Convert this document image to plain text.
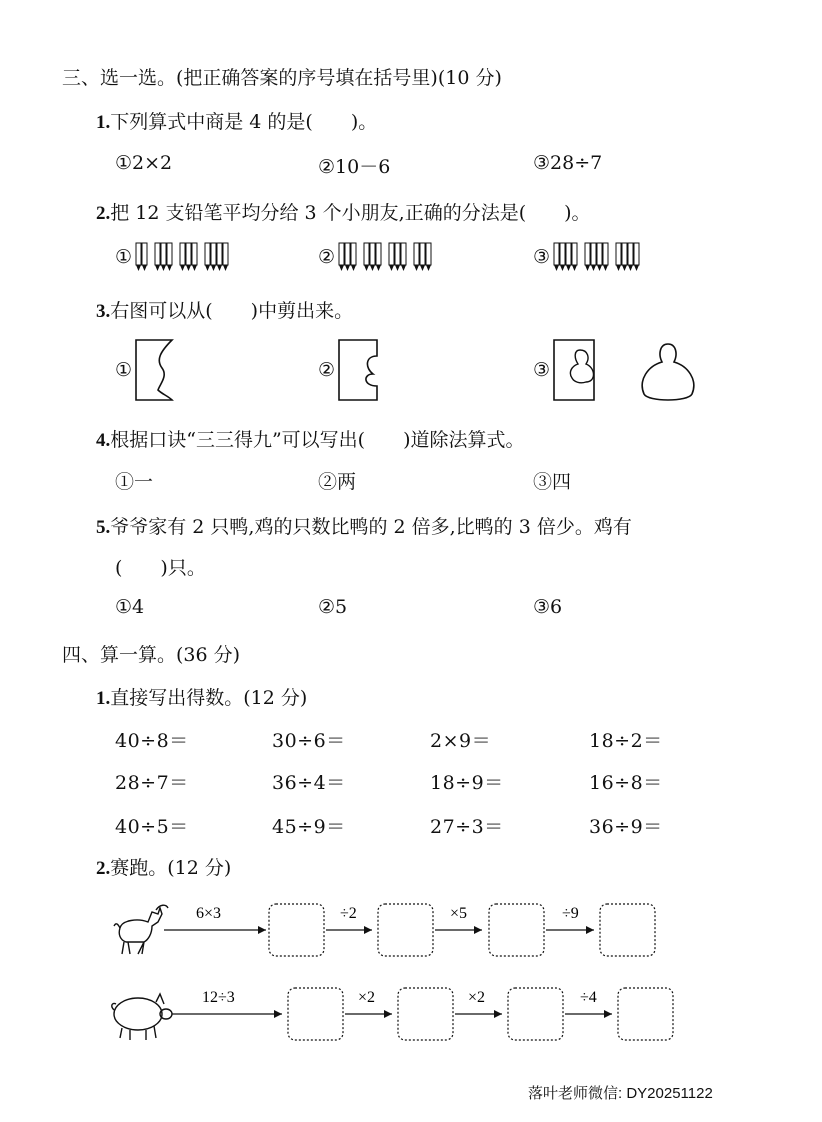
三、选一选。(把正确答案的序号填在括号里)(10 分)
1.下列算式中商是 4 的是(　　)。
①2×2	②10－6	③28÷7
2.把 12 支铅笔平均分给 3 个小朋友,正确的分法是(　　)。
①	②	③
3.右图可以从(　　)中剪出来。
①	②	③
4.根据口诀“三三得九”可以写出(　　)道除法算式。
①一	②两	③四
5.爷爷家有 2 只鸭,鸡的只数比鸭的 2 倍多,比鸭的 3 倍少。鸡有
(　　)只。
①4	②5	③6
四、算一算。(36 分)
1.直接写出得数。(12 分)
40÷8＝	30÷6＝	2×9＝	18÷2＝
28÷7＝	36÷4＝	18÷9＝	16÷8＝
40÷5＝	45÷9＝	27÷3＝	36÷9＝
2.赛跑。(12 分)
6×3	÷2	×5	÷9
12÷3	×2	×2	÷4
落叶老师微信: DY20251122
